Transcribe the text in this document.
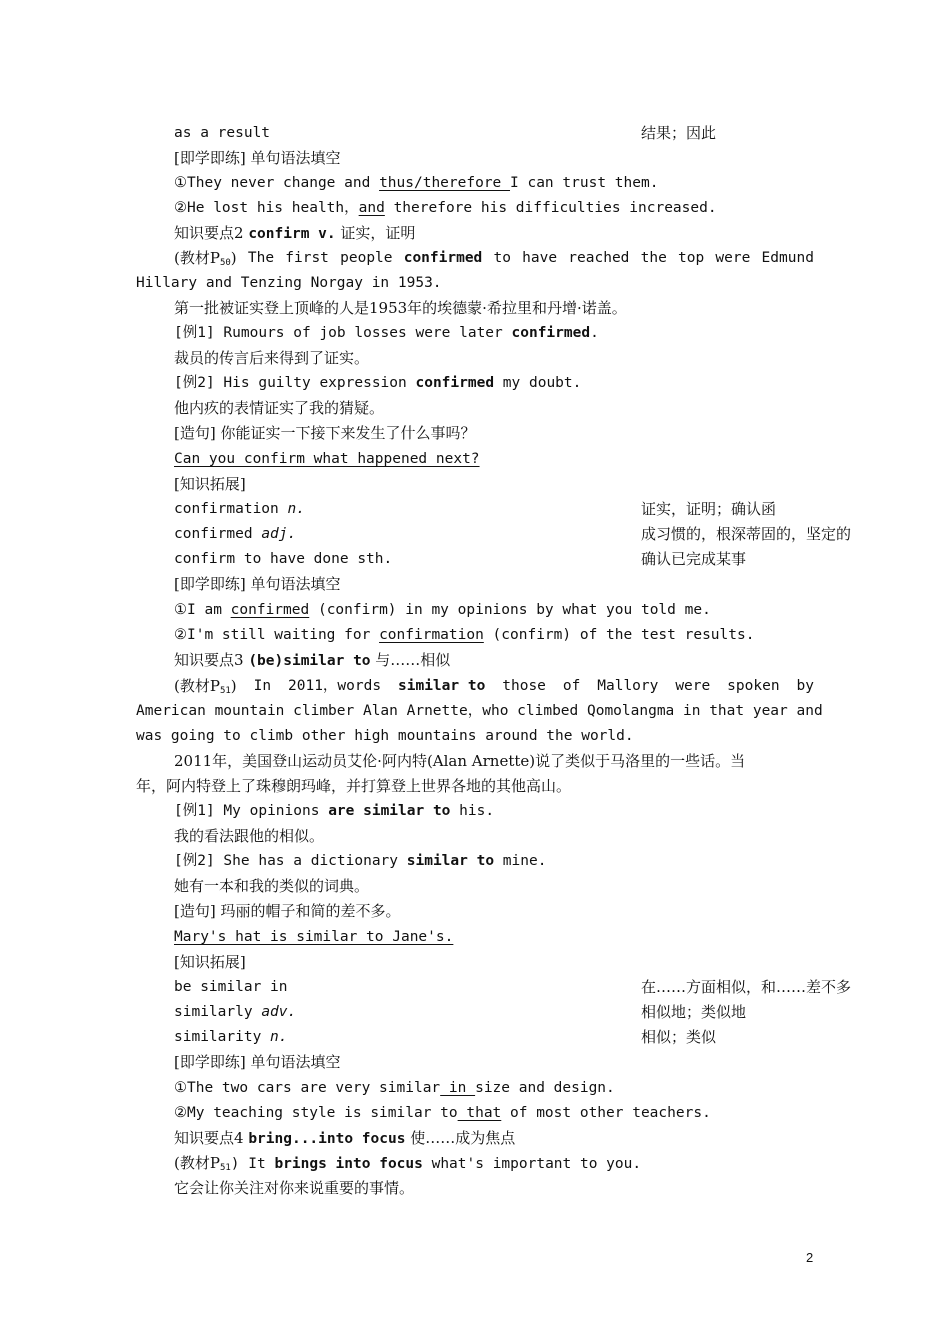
as a result	结果；因此
[即学即练] 单句语法填空
①They never change and thus/therefore I can trust them.
②He lost his health，and therefore his difficulties increased.
知识要点2 confirm v. 证实，证明
(教材$P_{50}$) The first people confirmed to have reached the top were Edmund
Hillary and Tenzing Norgay in 1953.
第一批被证实登上顶峰的人是1953年的埃德蒙·希拉里和丹增·诺盖。
[例1] Rumours of job losses were later confirmed.
裁员的传言后来得到了证实。
[例2] His guilty expression confirmed my doubt.
他内疚的表情证实了我的猜疑。
[造句] 你能证实一下接下来发生了什么事吗？
Can you confirm what happened next?
[知识拓展]
confirmation n.	证实，证明；确认函
confirmed adj.	成习惯的，根深蒂固的，坚定的
confirm to have done sth.	确认已完成某事
[即学即练] 单句语法填空
①I am confirmed (confirm) in my opinions by what you told me.
②I'm still waiting for confirmation (confirm) of the test results.
知识要点3 (be)similar to 与……相似
(教材$P_{51}$) In 2011，words similar to those of Mallory were spoken by
American mountain climber Alan Arnette，who climbed Qomolangma in that year and
was going to climb other high mountains around the world.
2011年，美国登山运动员艾伦·阿内特(Alan Arnette)说了类似于马洛里的一些话。当
年，阿内特登上了珠穆朗玛峰，并打算登上世界各地的其他高山。
[例1] My opinions are similar to his.
我的看法跟他的相似。
[例2] She has a dictionary similar to mine.
她有一本和我的类似的词典。
[造句] 玛丽的帽子和简的差不多。
Mary's hat is similar to Jane's.
[知识拓展]
be similar in	在……方面相似，和……差不多
similarly adv.	相似地；类似地
similarity n.	相似；类似
[即学即练] 单句语法填空
①The two cars are very similar in size and design.
②My teaching style is similar to that of most other teachers.
知识要点4 bring...into focus 使……成为焦点
(教材$P_{51}$) It brings into focus what's important to you.
它会让你关注对你来说重要的事情。
2
